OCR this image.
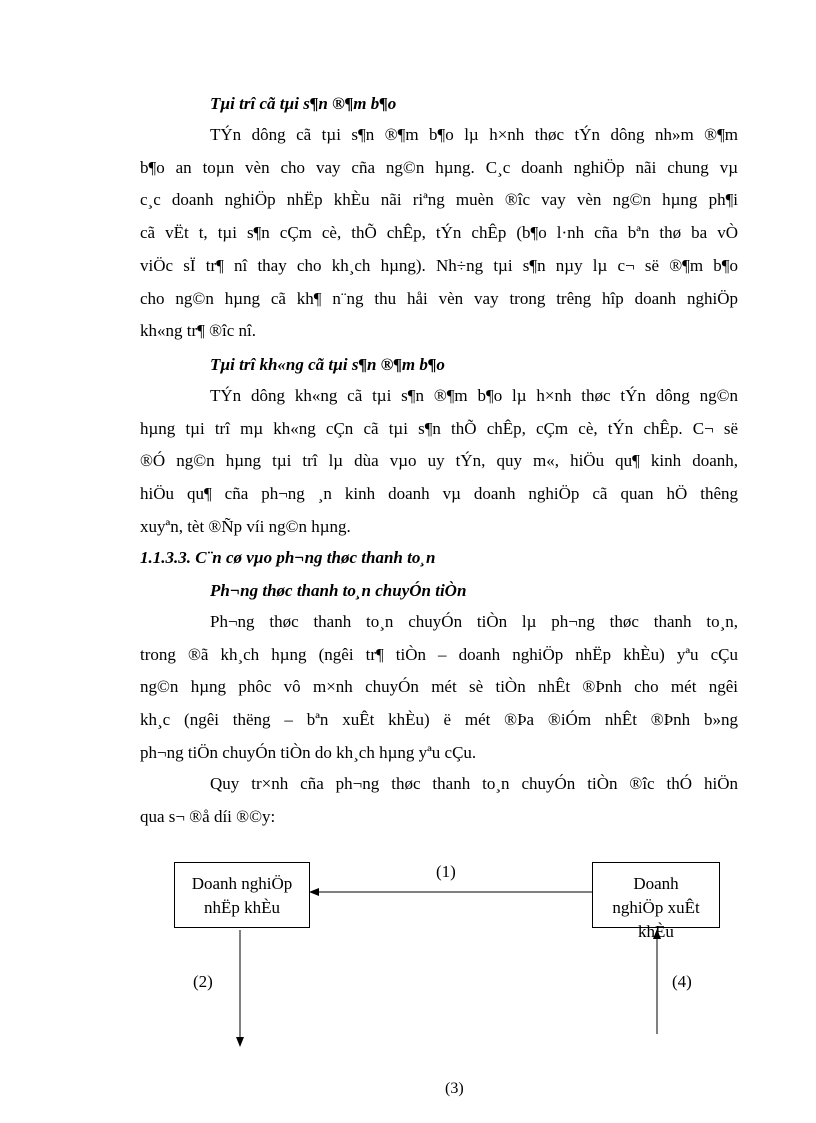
Tµi trî cã tµi s¶n ®¶m b¶o
TÝn dông cã tµi s¶n ®¶m b¶o lµ h×nh thøc tÝn dông nh»m ®¶m
b¶o an toµn vèn cho vay cña ng©n hµng. C¸c doanh nghiÖp nãi chung vµ
c¸c doanh nghiÖp nhËp khÈu nãi riªng muèn ®îc vay vèn ng©n hµng ph¶i
cã vËt t, tµi s¶n cÇm cè, thÕ chÊp, tÝn chÊp (b¶o l·nh cña bªn thø ba vÒ
viÖc sÏ tr¶ nî thay cho kh¸ch hµng). Nh÷ng tµi s¶n nµy lµ c¬ së ®¶m b¶o
cho ng©n hµng cã kh¶ n¨ng thu håi vèn vay trong trêng hîp doanh nghiÖp
kh«ng tr¶ ®îc nî.
Tµi trî kh«ng cã tµi s¶n ®¶m b¶o
TÝn dông kh«ng cã tµi s¶n ®¶m b¶o lµ h×nh thøc tÝn dông ng©n
hµng tµi trî mµ kh«ng cÇn cã tµi s¶n thÕ chÊp, cÇm cè, tÝn chÊp. C¬ së
®Ó ng©n hµng tµi trî lµ dùa vµo uy tÝn, quy m«, hiÖu qu¶ kinh doanh,
hiÖu qu¶ cña ph¬ng ¸n kinh doanh vµ doanh nghiÖp cã quan hÖ thêng
xuyªn, tèt ®Ñp víi ng©n hµng.
1.1.3.3. C¨n cø vµo ph¬ng thøc thanh to¸n
Ph¬ng thøc thanh to¸n chuyÓn tiÒn
Ph¬ng thøc thanh to¸n chuyÓn tiÒn lµ ph¬ng thøc thanh to¸n,
trong ®ã kh¸ch hµng (ngêi tr¶ tiÒn – doanh nghiÖp nhËp khÈu) yªu cÇu
ng©n hµng phôc vô m×nh chuyÓn mét sè tiÒn nhÊt ®Þnh cho mét ngêi
kh¸c (ngêi thëng – bªn xuÊt khÈu) ë mét ®Þa ®iÓm nhÊt ®Þnh b»ng
ph¬ng tiÖn chuyÓn tiÒn do kh¸ch hµng yªu cÇu.
Quy tr×nh cña ph¬ng thøc thanh to¸n chuyÓn tiÒn ®îc thÓ hiÖn
qua s¬ ®å díi ®©y:
Doanh nghiÖp
nhËp khÈu
Doanh
nghiÖp xuÊt
khÈu
(1)
(2)	(4)
(3)
